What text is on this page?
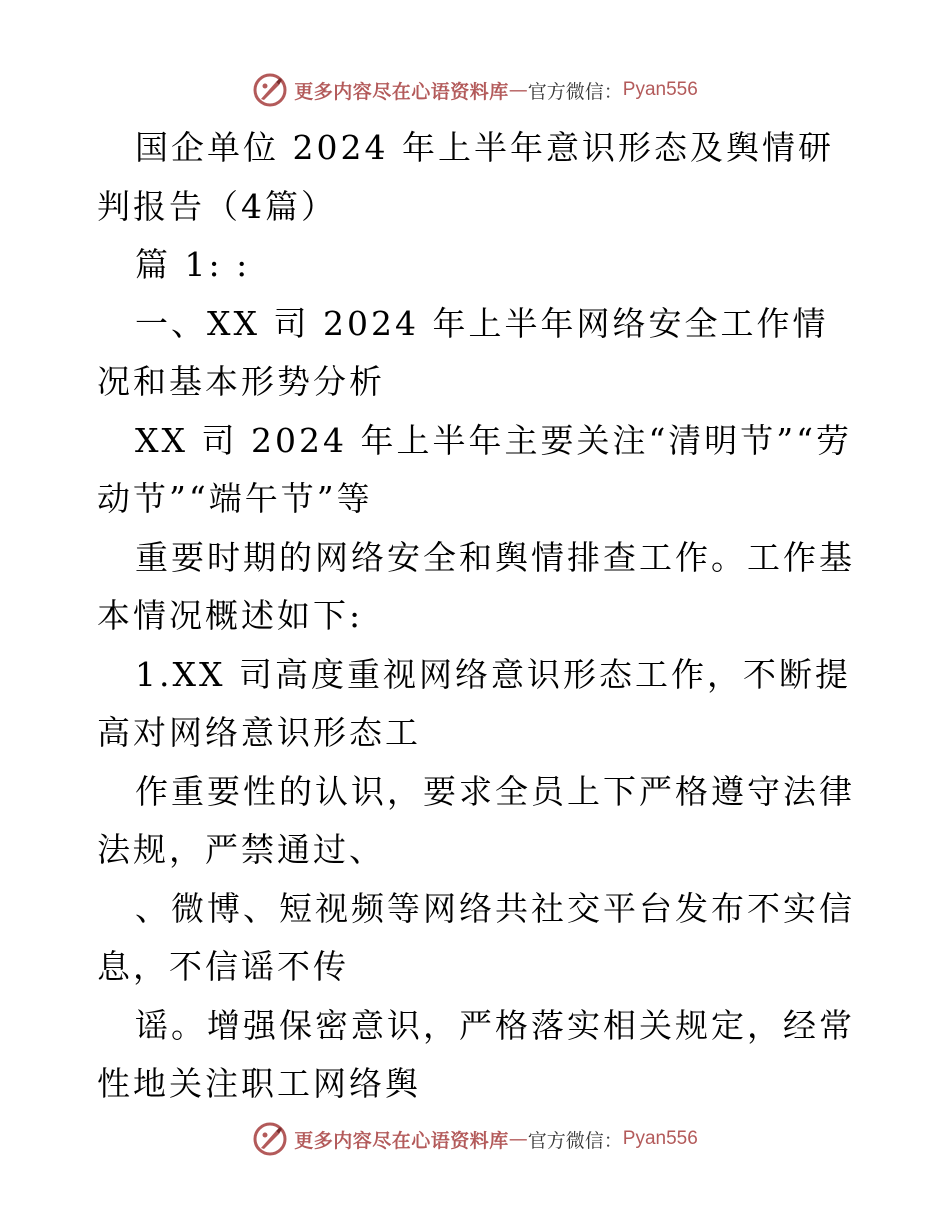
更多内容尽在心语资料库 — 官方微信 ： Pyan556

国企单位 2024 年上半年意识形态及舆情研判报告（4篇）

篇 1: :

一、XX 司 2024 年上半年网络安全工作情况和基本形势分析

XX 司 2024 年上半年主要关注“清明节”“劳动节”“端午节”等

重要时期的网络安全和舆情排查工作。工作基本情况概述如下:

1.XX 司高度重视网络意识形态工作，不断提高对网络意识形态工

作重要性的认识，要求全员上下严格遵守法律法规，严禁通过、

、微博、短视频等网络共社交平台发布不实信息，不信谣不传

谣。增强保密意识，严格落实相关规定，经常性地关注职工网络舆

更多内容尽在心语资料库 — 官方微信 ： Pyan556
